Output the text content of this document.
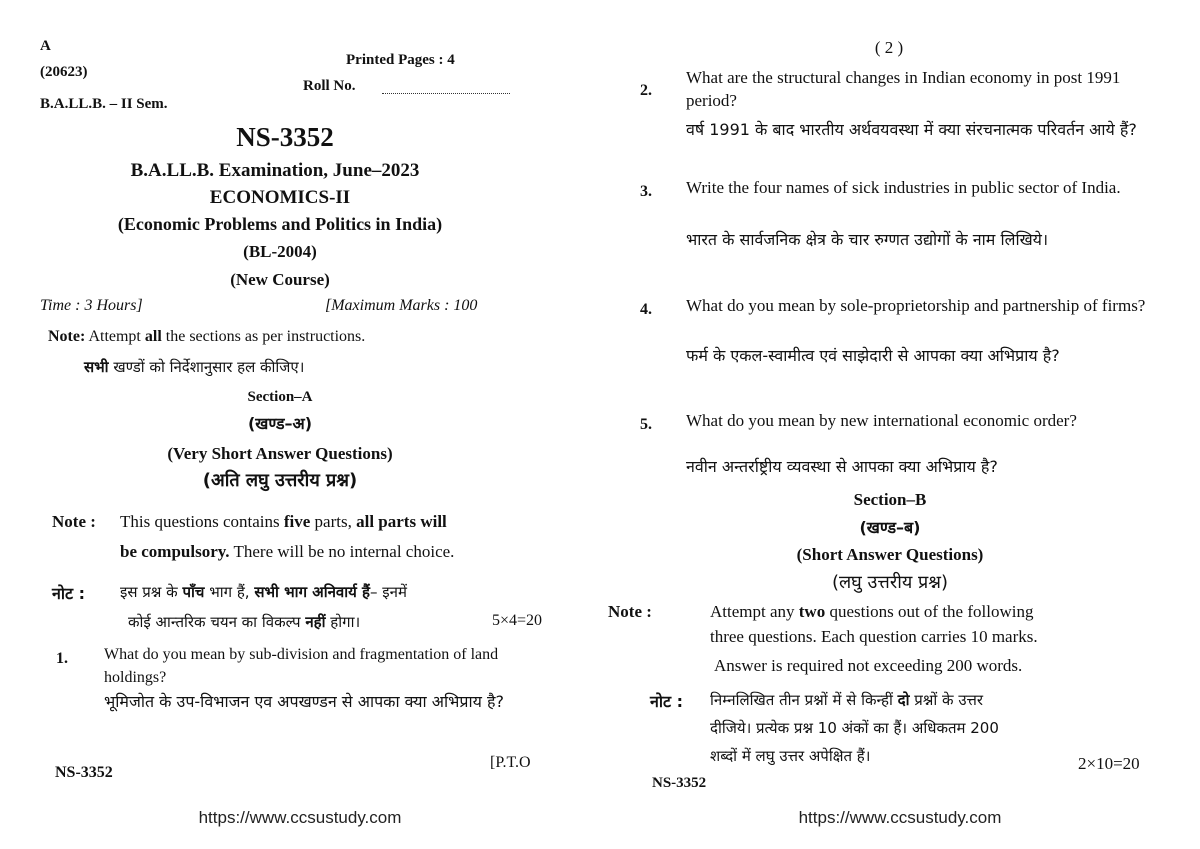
A
(20623)
Printed Pages : 4
Roll No.
B.A.LL.B. – II Sem.
NS-3352
B.A.LL.B. Examination, June–2023
ECONOMICS-II
(Economic Problems and Politics in India)
(BL-2004)
(New Course)
Time : 3 Hours]	[Maximum Marks : 100
Note: Attempt all the sections as per instructions.
सभी खण्डों को निर्देशानुसार हल कीजिए।
Section–A
(खण्ड–अ)
(Very Short Answer Questions)
(अति लघु उत्तरीय प्रश्न)
Note : This questions contains five parts, all parts will
be compulsory. There will be no internal choice.
नोट : इस प्रश्न के पाँच भाग हैं, सभी भाग अनिवार्य हैं– इनमें
कोई आन्तरिक चयन का विकल्प नहीं होगा।	5×4=20
1. What do you mean by sub-division and fragmentation of land holdings?
भूमिजोत के उप-विभाजन एव अपखण्डन से आपका क्या अभिप्राय है?
NS-3352
[P.T.O
https://www.ccsustudy.com
( 2 )
2.
What are the structural changes in Indian economy in post 1991 period?
वर्ष 1991 के बाद भारतीय अर्थवयवस्था में क्या संरचनात्मक परिवर्तन आये हैं?
3. Write the four names of sick industries in public sector of India.
भारत के सार्वजनिक क्षेत्र के चार रुग्णत उद्योगों के नाम लिखिये।
4. What do you mean by sole-proprietorship and partnership of firms?
फर्म के एकल-स्वामीत्व एवं साझेदारी से आपका क्या अभिप्राय है?
5. What do you mean by new international economic order?
नवीन अन्तर्राष्ट्रीय व्यवस्था से आपका क्या अभिप्राय है?
Section–B
(खण्ड–ब)
(Short Answer Questions)
(लघु उत्तरीय प्रश्न)
Note :	Attempt any two questions out of the following
three questions. Each question carries 10 marks.
Answer is required not exceeding 200 words.
नोट : निम्नलिखित तीन प्रश्नों में से किन्हीं दो प्रश्नों के उत्तर
दीजिये। प्रत्येक प्रश्न 10 अंकों का हैं। अधिकतम 200
शब्दों में लघु उत्तर अपेक्षित हैं।	2×10=20
NS-3352
https://www.ccsustudy.com
